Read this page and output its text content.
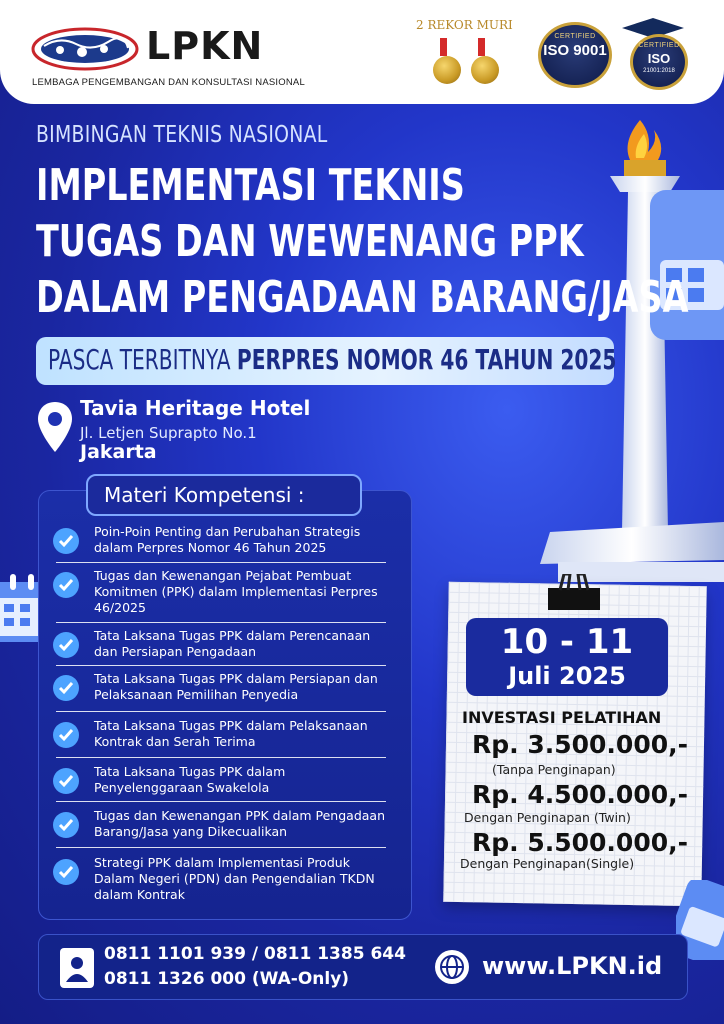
LPKN
LEMBAGA PENGEMBANGAN DAN KONSULTASI NASIONAL
2 REKOR MURI
CERTIFIED
ISO 9001	CERTIFIED
ISO
21001:2018
BIMBINGAN TEKNIS NASIONAL
IMPLEMENTASI TEKNIS
TUGAS DAN WEWENANG PPK
DALAM PENGADAAN BARANG/JASA
PASCA TERBITNYA PERPRES NOMOR 46 TAHUN 2025
Tavia Heritage Hotel
Jl. Letjen Suprapto No.1
Jakarta
Materi Kompetensi :
Poin-Poin Penting dan Perubahan Strategis dalam Perpres Nomor 46 Tahun 2025
Tugas dan Kewenangan Pejabat Pembuat Komitmen (PPK) dalam Implementasi Perpres 46/2025
Tata Laksana Tugas PPK dalam Perencanaan dan Persiapan Pengadaan
Tata Laksana Tugas PPK dalam Persiapan dan Pelaksanaan Pemilihan Penyedia
Tata Laksana Tugas PPK dalam Pelaksanaan Kontrak dan Serah Terima
Tata Laksana Tugas PPK dalam Penyelenggaraan Swakelola
Tugas dan Kewenangan PPK dalam Pengadaan Barang/Jasa yang Dikecualikan
Strategi PPK dalam Implementasi Produk Dalam Negeri (PDN) dan Pengendalian TKDN dalam Kontrak
10 - 11
Juli 2025
INVESTASI PELATIHAN
Rp. 3.500.000,-
(Tanpa Penginapan)
Rp. 4.500.000,-
Dengan Penginapan (Twin)
Rp. 5.500.000,-
Dengan Penginapan(Single)
0811 1101 939 / 0811 1385 644
0811 1326 000 (WA-Only)	www.LPKN.id
